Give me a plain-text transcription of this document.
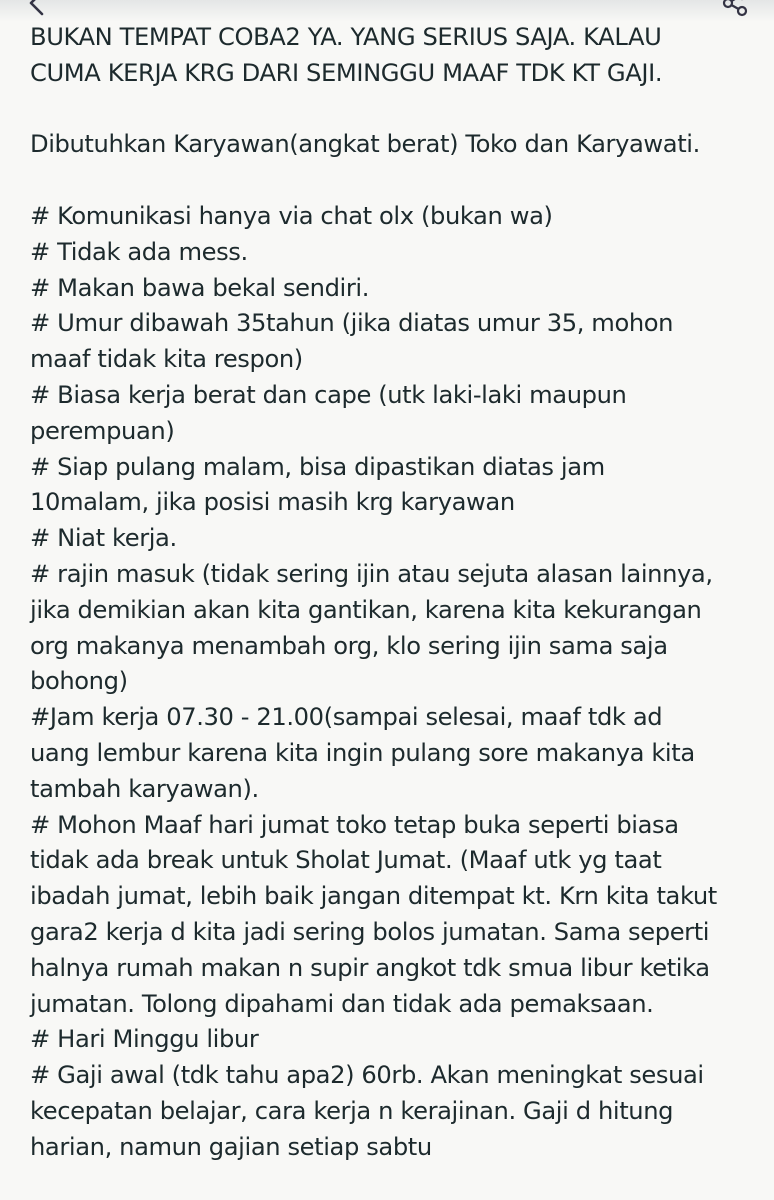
BUKAN TEMPAT COBA2 YA. YANG SERIUS SAJA. KALAU
CUMA KERJA KRG DARI SEMINGGU MAAF TDK KT GAJI.
Dibutuhkan Karyawan(angkat berat) Toko dan Karyawati.
# Komunikasi hanya via chat olx (bukan wa)
# Tidak ada mess.
# Makan bawa bekal sendiri.
# Umur dibawah 35tahun (jika diatas umur 35, mohon
maaf tidak kita respon)
# Biasa kerja berat dan cape (utk laki-laki maupun
perempuan)
# Siap pulang malam, bisa dipastikan diatas jam
10malam, jika posisi masih krg karyawan
# Niat kerja.
# rajin masuk (tidak sering ijin atau sejuta alasan lainnya,
jika demikian akan kita gantikan, karena kita kekurangan
org makanya menambah org, klo sering ijin sama saja
bohong)
#Jam kerja 07.30 - 21.00(sampai selesai, maaf tdk ad
uang lembur karena kita ingin pulang sore makanya kita
tambah karyawan).
# Mohon Maaf hari jumat toko tetap buka seperti biasa
tidak ada break untuk Sholat Jumat. (Maaf utk yg taat
ibadah jumat, lebih baik jangan ditempat kt. Krn kita takut
gara2 kerja d kita jadi sering bolos jumatan. Sama seperti
halnya rumah makan n supir angkot tdk smua libur ketika
jumatan. Tolong dipahami dan tidak ada pemaksaan.
# Hari Minggu libur
# Gaji awal (tdk tahu apa2) 60rb. Akan meningkat sesuai
kecepatan belajar, cara kerja n kerajinan. Gaji d hitung
harian, namun gajian setiap sabtu
